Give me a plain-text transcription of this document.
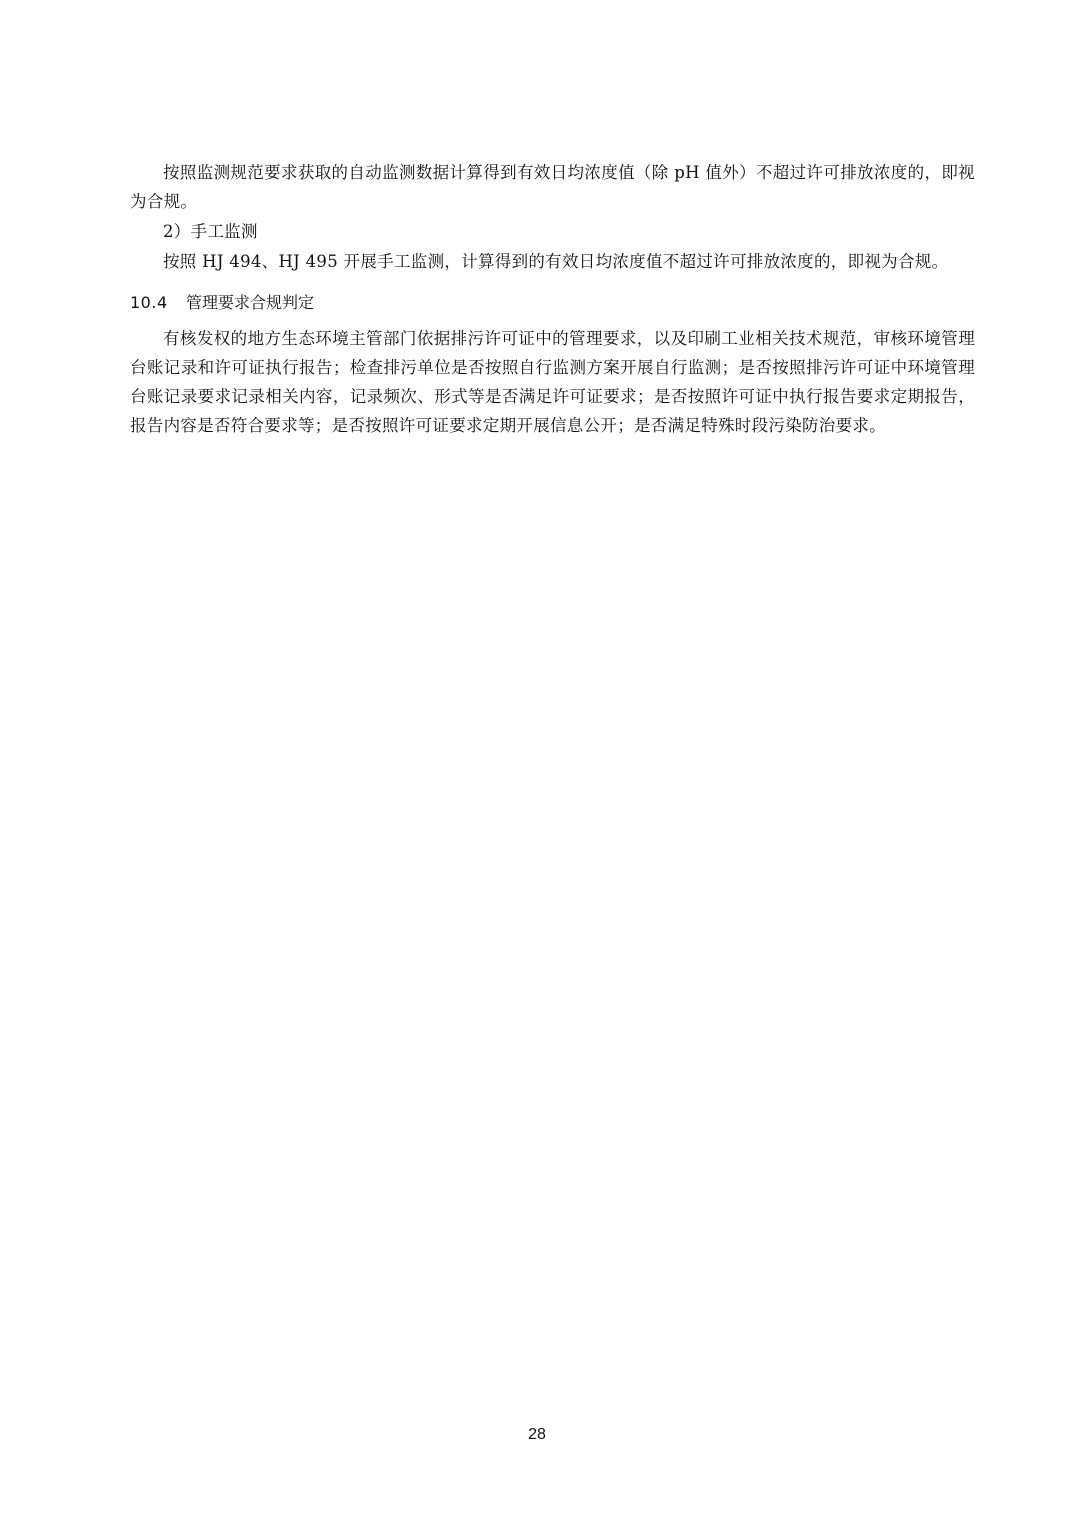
按照监测规范要求获取的自动监测数据计算得到有效日均浓度值（除 pH 值外）不超过许可排放浓度的，即视为合规。

2）手工监测

按照 HJ 494、HJ 495 开展手工监测，计算得到的有效日均浓度值不超过许可排放浓度的，即视为合规。

10.4	管理要求合规判定

有核发权的地方生态环境主管部门依据排污许可证中的管理要求，以及印刷工业相关技术规范，审核环境管理台账记录和许可证执行报告；检查排污单位是否按照自行监测方案开展自行监测；是否按照排污许可证中环境管理台账记录要求记录相关内容，记录频次、形式等是否满足许可证要求；是否按照许可证中执行报告要求定期报告，报告内容是否符合要求等；是否按照许可证要求定期开展信息公开；是否满足特殊时段污染防治要求。

28
